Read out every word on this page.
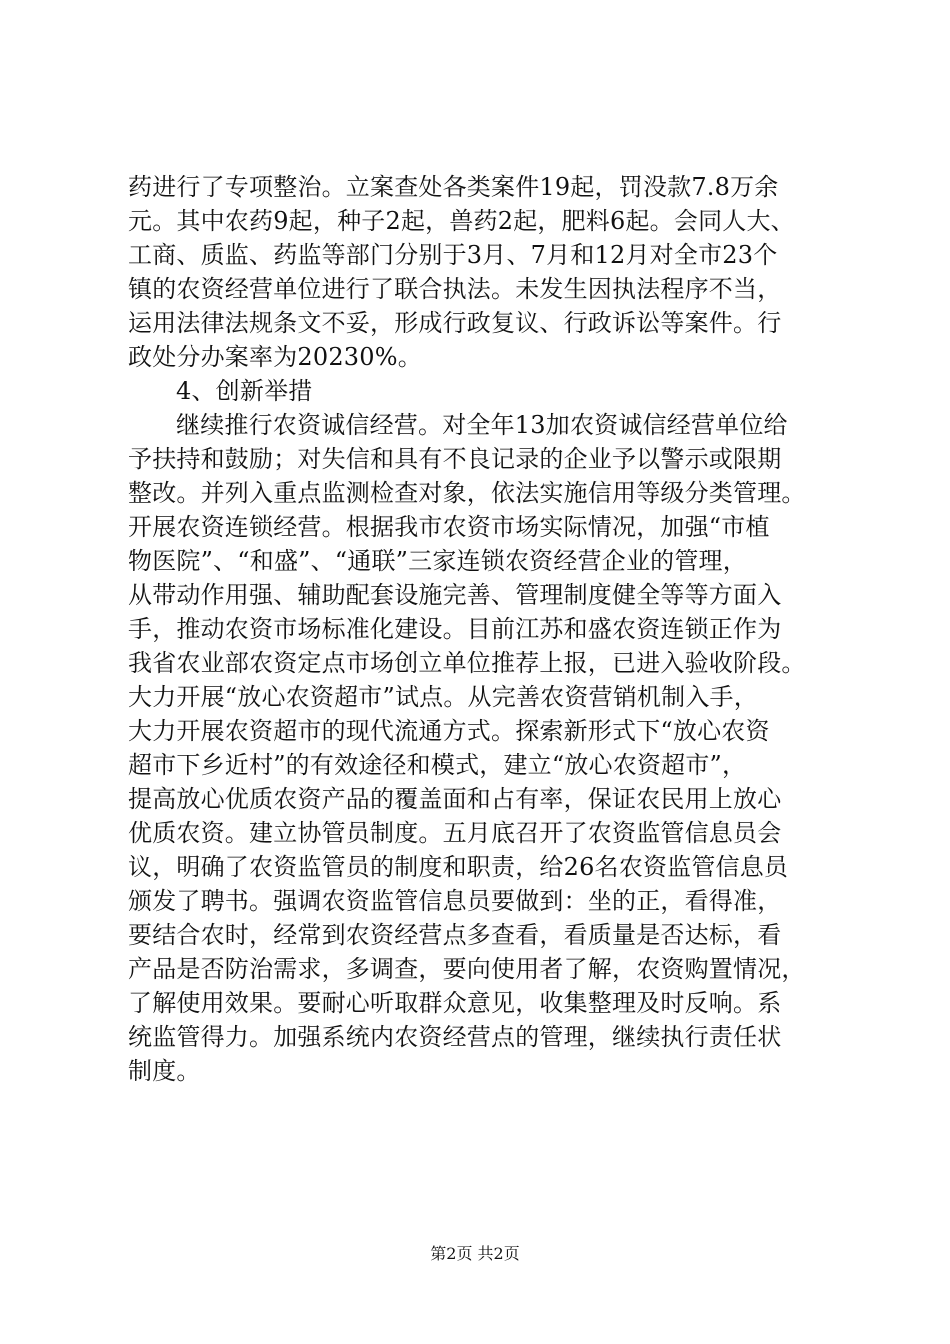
药进行了专项整治。立案查处各类案件19起，罚没款7.8万余
元。其中农药9起，种子2起，兽药2起，肥料6起。会同人大、
工商、质监、药监等部门分别于3月、7月和12月对全市23个
镇的农资经营单位进行了联合执法。未发生因执法程序不当，
运用法律法规条文不妥，形成行政复议、行政诉讼等案件。行
政处分办案率为20230%。
4、创新举措
继续推行农资诚信经营。对全年13加农资诚信经营单位给
予扶持和鼓励；对失信和具有不良记录的企业予以警示或限期
整改。并列入重点监测检查对象，依法实施信用等级分类管理。
开展农资连锁经营。根据我市农资市场实际情况，加强“市植
物医院”、“和盛”、“通联”三家连锁农资经营企业的管理，
从带动作用强、辅助配套设施完善、管理制度健全等等方面入
手，推动农资市场标准化建设。目前江苏和盛农资连锁正作为
我省农业部农资定点市场创立单位推荐上报，已进入验收阶段。
大力开展“放心农资超市”试点。从完善农资营销机制入手，
大力开展农资超市的现代流通方式。探索新形式下“放心农资
超市下乡近村”的有效途径和模式，建立“放心农资超市”，
提高放心优质农资产品的覆盖面和占有率，保证农民用上放心
优质农资。建立协管员制度。五月底召开了农资监管信息员会
议，明确了农资监管员的制度和职责，给26名农资监管信息员
颁发了聘书。强调农资监管信息员要做到：坐的正，看得准，
要结合农时，经常到农资经营点多查看，看质量是否达标，看
产品是否防治需求，多调查，要向使用者了解，农资购置情况，
了解使用效果。要耐心听取群众意见，收集整理及时反响。系
统监管得力。加强系统内农资经营点的管理，继续执行责任状
制度。
第2页 共2页
